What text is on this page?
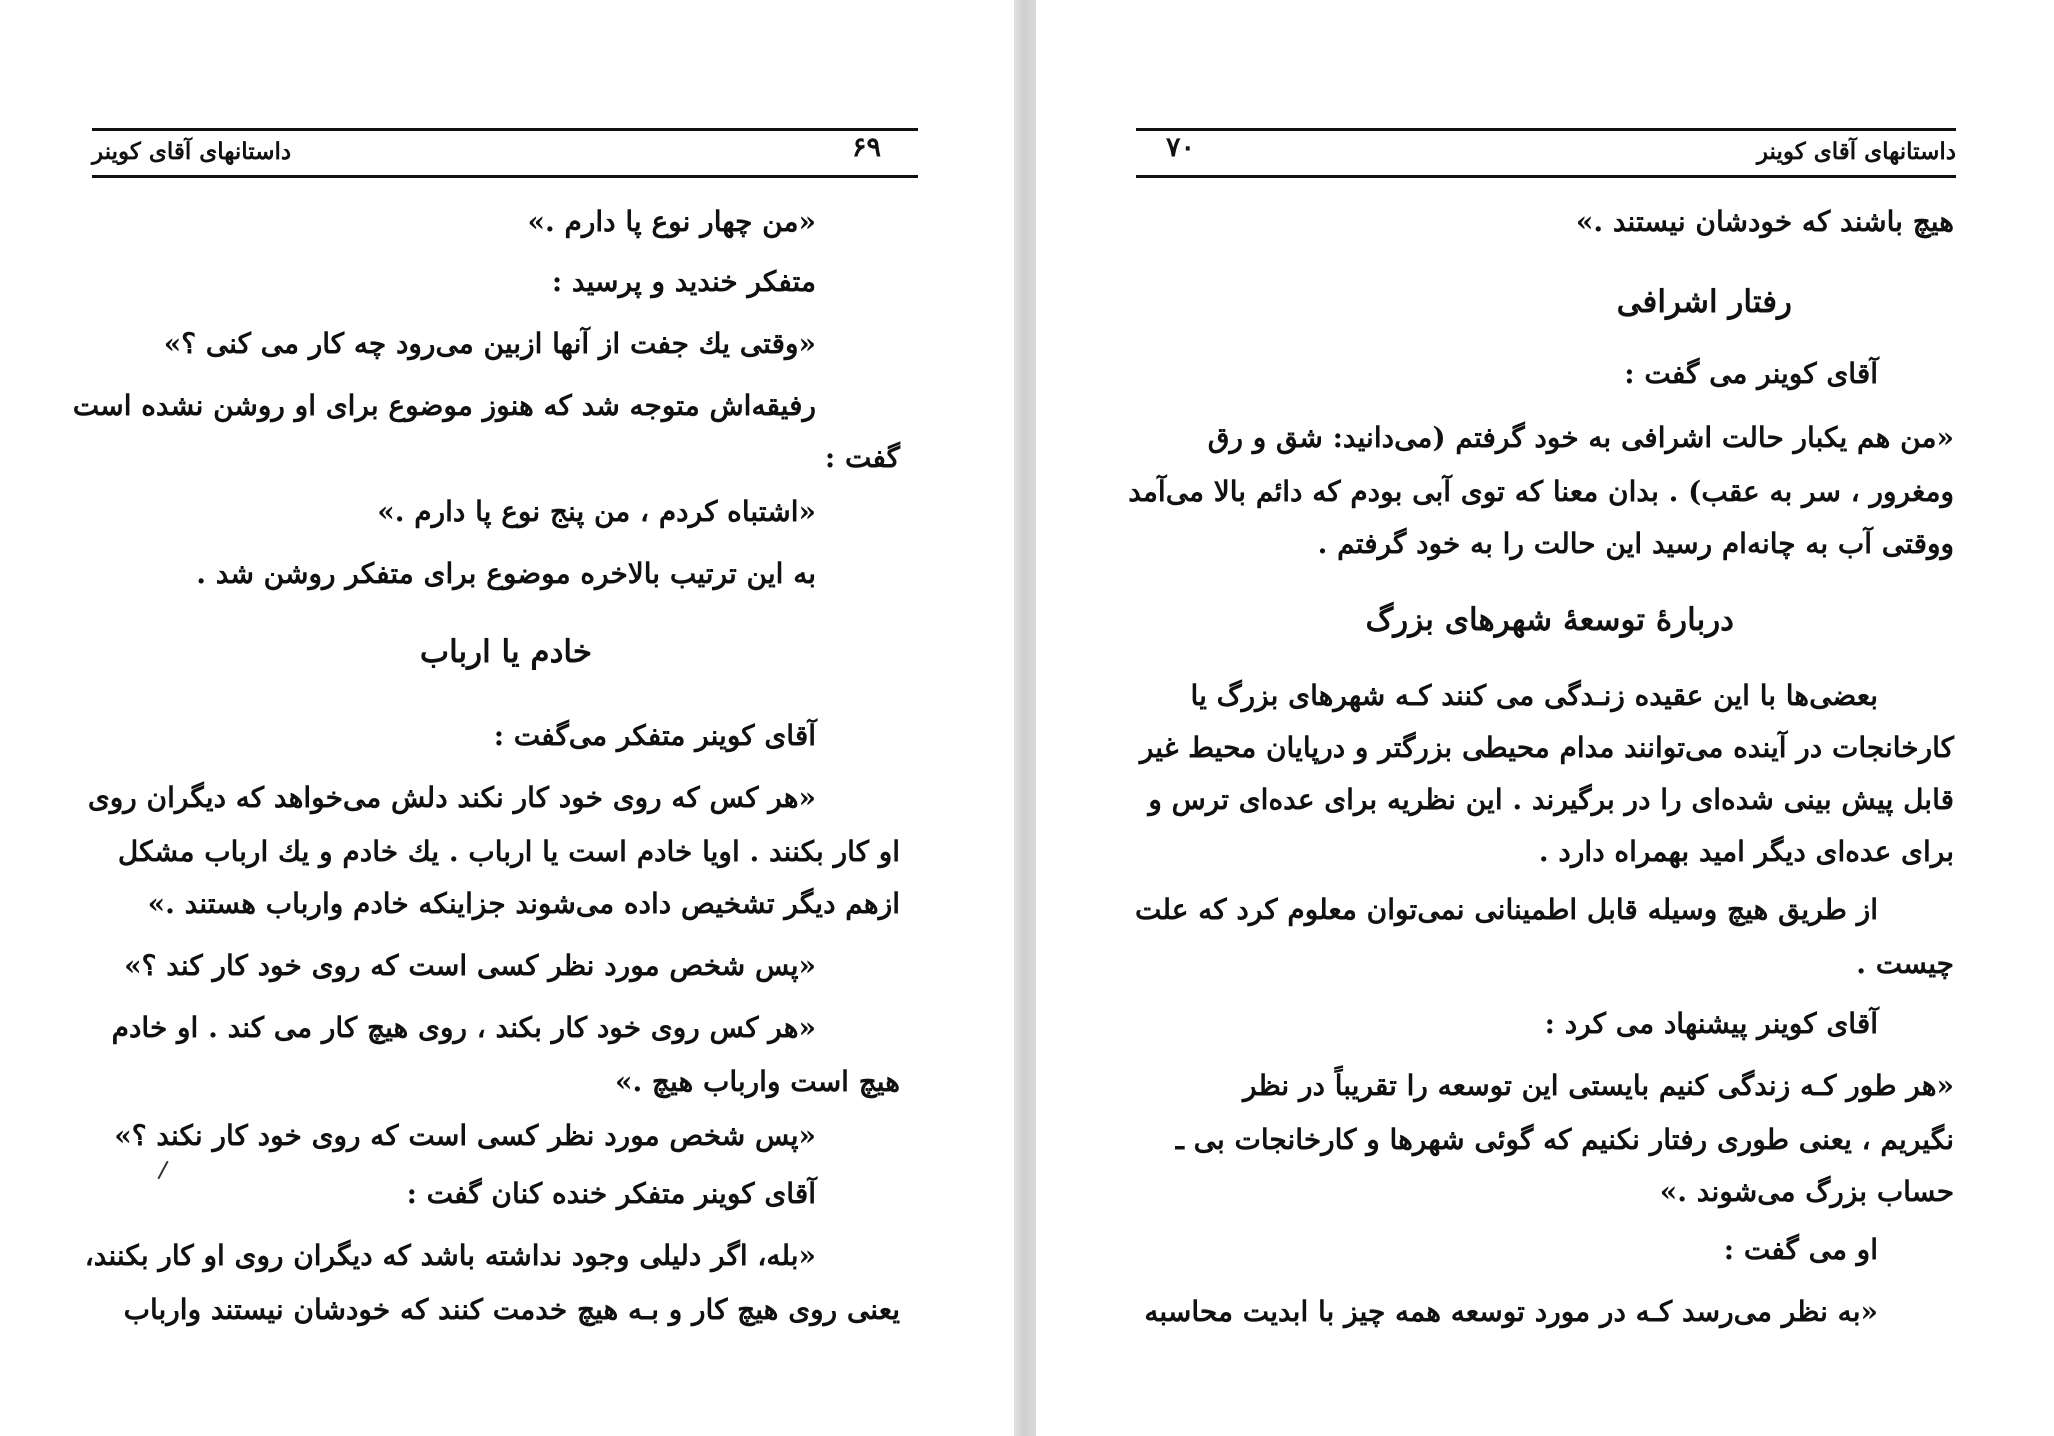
داستانهای آقای کوینر	۶۹
«من چهار نوع پا دارم .»
متفکر خندید و پرسید :
«وقتی یك جفت از آنها ازبین می‌رود چه کار می کنی ؟»
رفیقه‌اش متوجه شد که هنوز موضوع برای او روشن نشده است
گفت :
«اشتباه کردم ، من پنج نوع پا دارم .»
به این ترتیب بالاخره موضوع برای متفکر روشن شد .
خادم یا ارباب
آقای کوینر متفکر می‌گفت :
«هر کس که روی خود کار نکند دلش می‌خواهد که دیگران روی
او کار بکنند . اویا خادم است یا ارباب . یك خادم و یك ارباب مشکل
ازهم دیگر تشخیص داده می‌شوند جزاینکه خادم وارباب هستند .»
«پس شخص مورد نظر کسی است که روی خود کار کند ؟»
«هر کس روی خود کار بکند ، روی هیچ کار می کند . او خادم
هیچ است وارباب هیچ .»
«پس شخص مورد نظر کسی است که روی خود کار نکند ؟»
آقای کوینر متفکر خنده کنان گفت :
«بله، اگر دلیلی وجود نداشته باشد که دیگران روی او کار بکنند،
یعنی روی هیچ کار و بـه هیچ خدمت کنند که خودشان نیستند وارباب
۷۰	داستانهای آقای کوینر
هیچ باشند که خودشان نیستند .»
رفتار اشرافی
آقای کوینر می گفت :
«من هم یکبار حالت اشرافی به خود گرفتم (می‌دانید: شق و رق
ومغرور ، سر به عقب) . بدان معنا که توی آبی بودم که دائم بالا می‌آمد
ووقتی آب به چانه‌ام رسید این حالت را به خود گرفتم .
دربارهٔ توسعهٔ شهرهای بزرگ
بعضی‌ها با این عقیده زنـدگی می کنند کـه شهرهای بزرگ یا
کارخانجات در آینده می‌توانند مدام محیطی بزرگتر و درپایان محیط غیر
قابل پیش بینی شده‌ای را در برگیرند . این نظریه برای عده‌ای ترس و
برای عده‌ای دیگر امید بهمراه دارد .
از طریق هیچ وسیله قابل اطمینانی نمی‌توان معلوم کرد که علت
چیست .
آقای کوینر پیشنهاد می کرد :
«هر طور کـه زندگی کنیم بایستی این توسعه را تقریباً در نظر
نگیریم ، یعنی طوری رفتار نکنیم که گوئی شهرها و کارخانجات بی ـ
حساب بزرگ می‌شوند .»
او می گفت :
«به نظر می‌رسد کـه در مورد توسعه همه چیز با ابدیت محاسبه
